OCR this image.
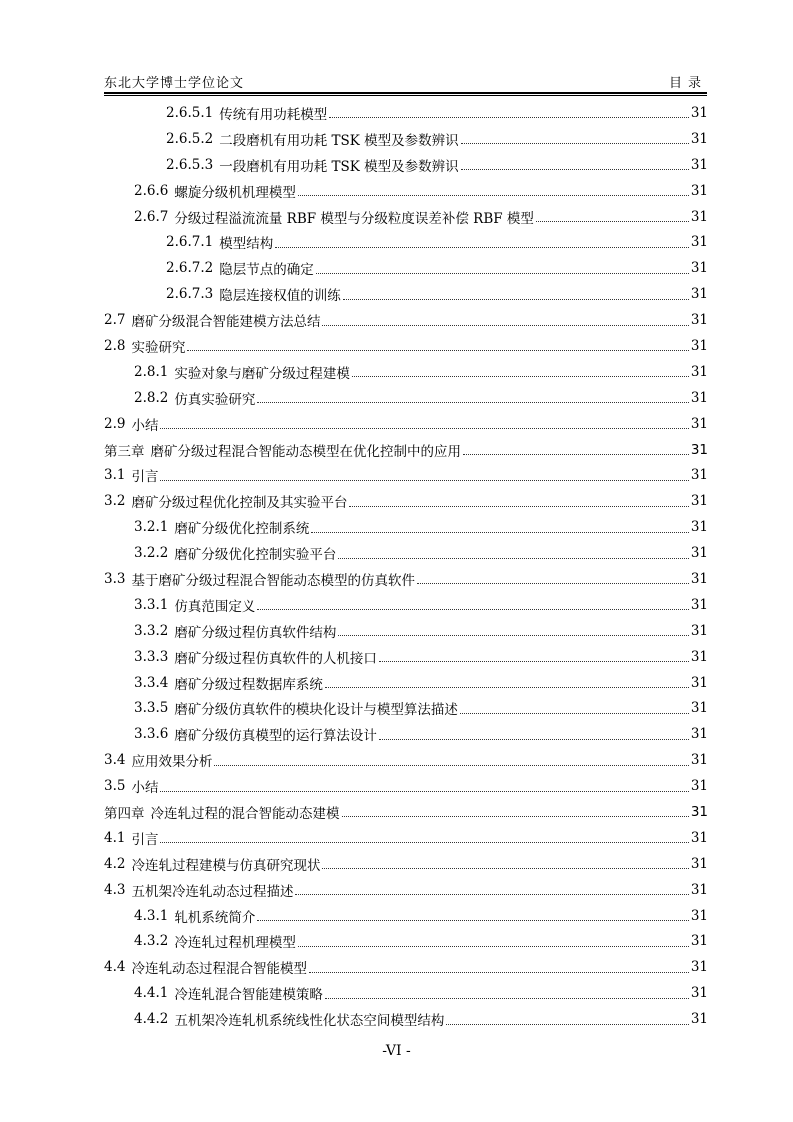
东北大学博士学位论文	目录
2.6.5.1 传统有用功耗模型	31
2.6.5.2 二段磨机有用功耗 TSK 模型及参数辨识	31
2.6.5.3 一段磨机有用功耗 TSK 模型及参数辨识	31
2.6.6 螺旋分级机机理模型	31
2.6.7 分级过程溢流流量 RBF 模型与分级粒度误差补偿 RBF 模型	31
2.6.7.1 模型结构	31
2.6.7.2 隐层节点的确定	31
2.6.7.3 隐层连接权值的训练	31
2.7 磨矿分级混合智能建模方法总结	31
2.8 实验研究	31
2.8.1 实验对象与磨矿分级过程建模	31
2.8.2 仿真实验研究	31
2.9 小结	31
第三章 磨矿分级过程混合智能动态模型在优化控制中的应用	31
3.1 引言	31
3.2 磨矿分级过程优化控制及其实验平台	31
3.2.1 磨矿分级优化控制系统	31
3.2.2 磨矿分级优化控制实验平台	31
3.3 基于磨矿分级过程混合智能动态模型的仿真软件	31
3.3.1 仿真范围定义	31
3.3.2 磨矿分级过程仿真软件结构	31
3.3.3 磨矿分级过程仿真软件的人机接口	31
3.3.4 磨矿分级过程数据库系统	31
3.3.5 磨矿分级仿真软件的模块化设计与模型算法描述	31
3.3.6 磨矿分级仿真模型的运行算法设计	31
3.4 应用效果分析	31
3.5 小结	31
第四章 冷连轧过程的混合智能动态建模	31
4.1 引言	31
4.2 冷连轧过程建模与仿真研究现状	31
4.3 五机架冷连轧动态过程描述	31
4.3.1 轧机系统简介	31
4.3.2 冷连轧过程机理模型	31
4.4 冷连轧动态过程混合智能模型	31
4.4.1 冷连轧混合智能建模策略	31
4.4.2 五机架冷连轧机系统线性化状态空间模型结构	31
-VI -
